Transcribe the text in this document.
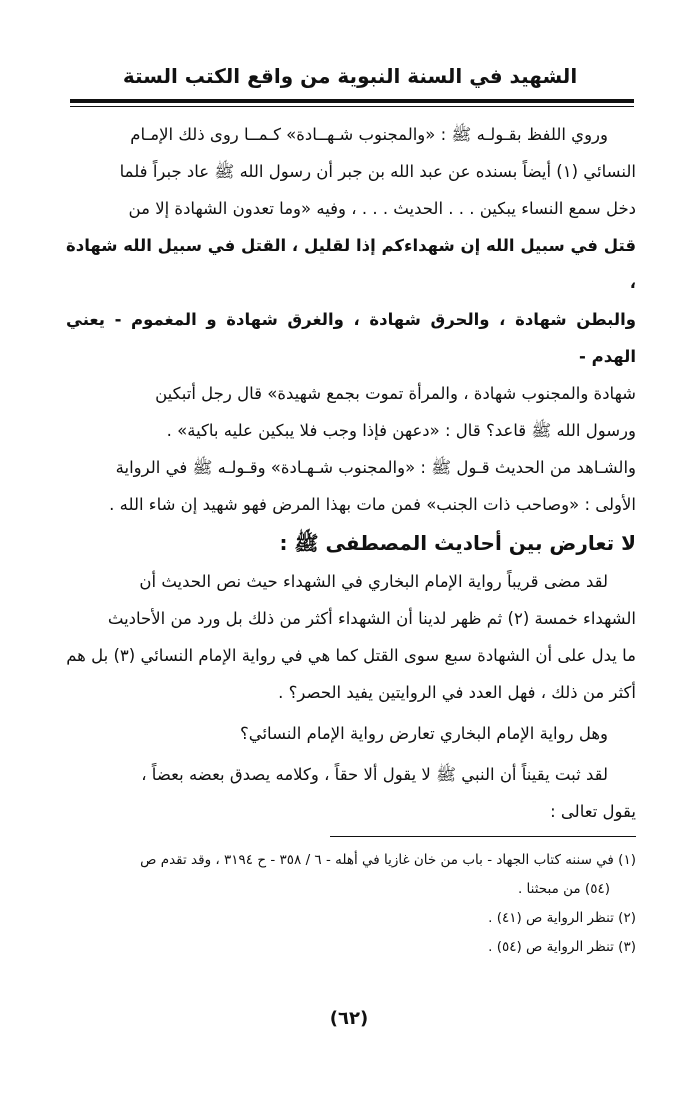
الشهيد في السنة النبوية من واقع الكتب الستة

وروي اللفظ بقـولـه ﷺ : «والمجنوب شـهــادة» كـمــا روى ذلك الإمـام

النسائي (١) أيضاً بسنده عن عبد الله بن جبر أن رسول الله ﷺ عاد جبراً فلما

دخل سمع النساء يبكين . . . الحديث . . . ، وفيه «وما تعدون الشهادة إلا من

قتل في سبيل الله إن شهداءكم إذا لقليل ، القتل في سبيل الله شهادة ،

والبطن شهادة ، والحرق شهادة ، والغرق شهادة و المغموم - يعني الهدم -

شهادة والمجنوب شهادة ، والمرأة تموت بجمع شهيدة» قال رجل أتبكين

ورسول الله ﷺ قاعد؟ قال : «دعهن فإذا وجب فلا يبكين عليه باكية» .

والشـاهد من الحديث قـول ﷺ : «والمجنوب شـهـادة» وقـولـه ﷺ في الرواية

الأولى : «وصاحب ذات الجنب» فمن مات بهذا المرض فهو شهيد إن شاء الله .

لا تعارض بين أحاديث المصطفى ﷺ :

لقد مضى قريباً رواية الإمام البخاري في الشهداء حيث نص الحديث أن

الشهداء خمسة (٢) ثم ظهر لدينا أن الشهداء أكثر من ذلك بل ورد من الأحاديث

ما يدل على أن الشهادة سبع سوى القتل كما هي في رواية الإمام النسائي (٣) بل هم

أكثر من ذلك ، فهل العدد في الروايتين يفيد الحصر؟ .

وهل رواية الإمام البخاري تعارض رواية الإمام النسائي؟

لقد ثبت يقيناً أن النبي ﷺ لا يقول ألا حقاً ، وكلامه يصدق بعضه بعضاً ،

يقول تعالى :

(١) في سننه كتاب الجهاد - باب من خان غازيا في أهله - ٦ / ٣٥٨ - ح ٣١٩٤ ، وقد تقدم ص

(٥٤) من مبحثنا .

(٢) تنظر الرواية ص (٤١) .

(٣) تنظر الرواية ص (٥٤) .

(٦٢)
